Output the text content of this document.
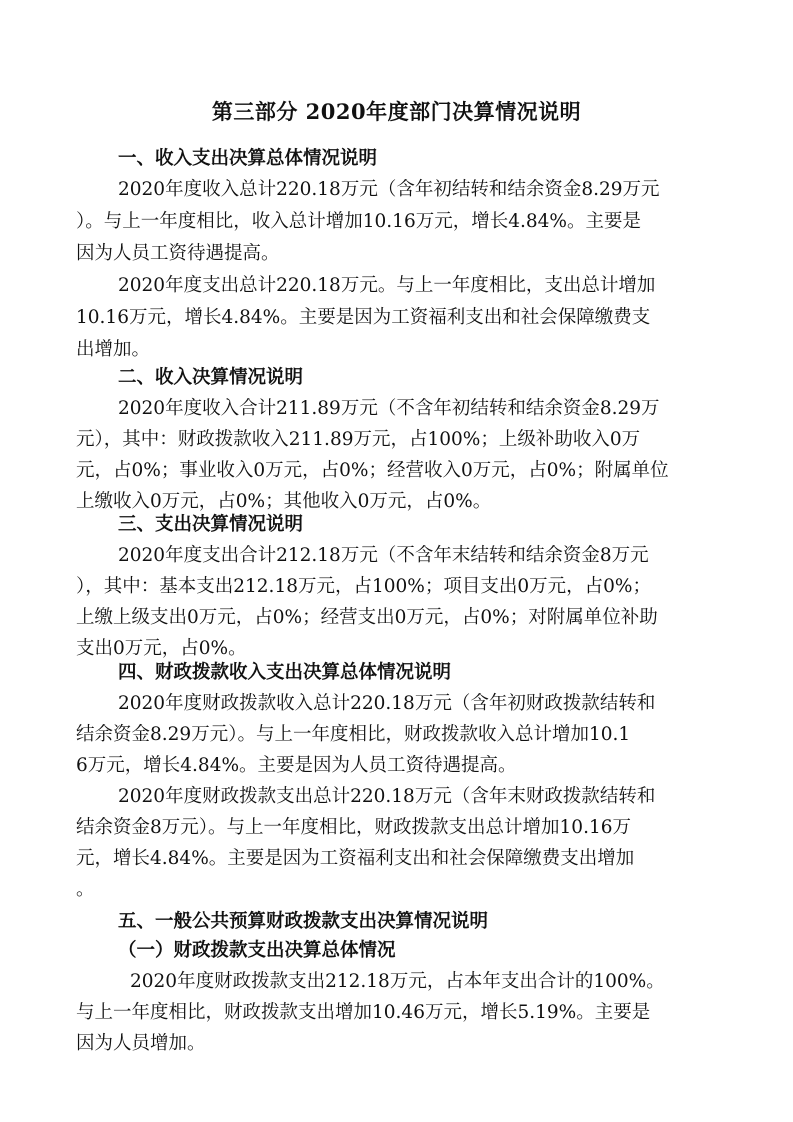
第三部分 2020年度部门决算情况说明
一、收入支出决算总体情况说明
2020年度收入总计220.18万元（含年初结转和结余资金8.29万元
）。与上一年度相比，收入总计增加10.16万元，增长4.84%。主要是
因为人员工资待遇提高。
2020年度支出总计220.18万元。与上一年度相比，支出总计增加
10.16万元，增长4.84%。主要是因为工资福利支出和社会保障缴费支
出增加。
二、收入决算情况说明
2020年度收入合计211.89万元（不含年初结转和结余资金8.29万
元），其中：财政拨款收入211.89万元，占100%；上级补助收入0万
元，占0%；事业收入0万元，占0%；经营收入0万元，占0%；附属单位
上缴收入0万元，占0%；其他收入0万元，占0%。
三、支出决算情况说明
2020年度支出合计212.18万元（不含年末结转和结余资金8万元
），其中：基本支出212.18万元，占100%；项目支出0万元，占0%；
上缴上级支出0万元，占0%；经营支出0万元，占0%；对附属单位补助
支出0万元，占0%。
四、财政拨款收入支出决算总体情况说明
2020年度财政拨款收入总计220.18万元（含年初财政拨款结转和
结余资金8.29万元）。与上一年度相比，财政拨款收入总计增加10.1
6万元，增长4.84%。主要是因为人员工资待遇提高。
2020年度财政拨款支出总计220.18万元（含年末财政拨款结转和
结余资金8万元）。与上一年度相比，财政拨款支出总计增加10.16万
元，增长4.84%。主要是因为工资福利支出和社会保障缴费支出增加
。
五、一般公共预算财政拨款支出决算情况说明
（一）财政拨款支出决算总体情况
2020年度财政拨款支出212.18万元，占本年支出合计的100%。
与上一年度相比，财政拨款支出增加10.46万元，增长5.19%。主要是
因为人员增加。
